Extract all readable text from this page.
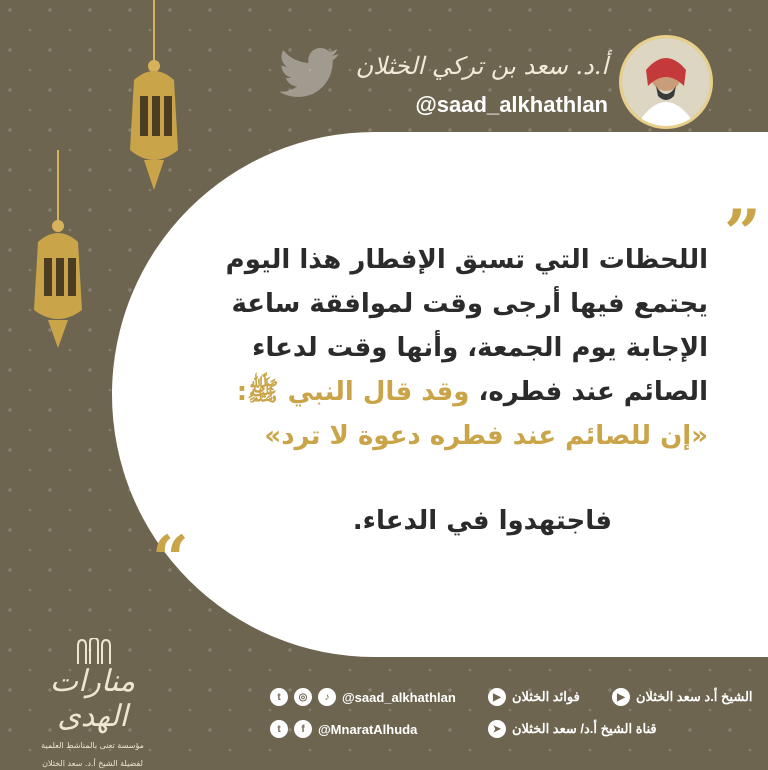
أ.د. سعد بن تركي الخثلان
@saad_alkhathlan
”
“
اللحظات التي تسبق الإفطار هذا اليوم
يجتمع فيها أرجى وقت لموافقة ساعة
الإجابة يوم الجمعة، وأنها وقت لدعاء
الصائم عند فطره، وقد قال النبي ﷺ:
«إن للصائم عند فطره دعوة لا ترد»
فاجتهدوا في الدعاء.
منارات الهدى
مؤسسة تعنى بالمناشط العلمية
لفضيلة الشيخ أ.د. سعد الخثلان
t	◎	♪ @saad_alkhathlan
t	f	@MnaratAlhuda
▶ فوائد الخثلان	▶ الشيخ أ.د سعد الخثلان
➤ قناة الشيخ أ.د/ سعد الخثلان
